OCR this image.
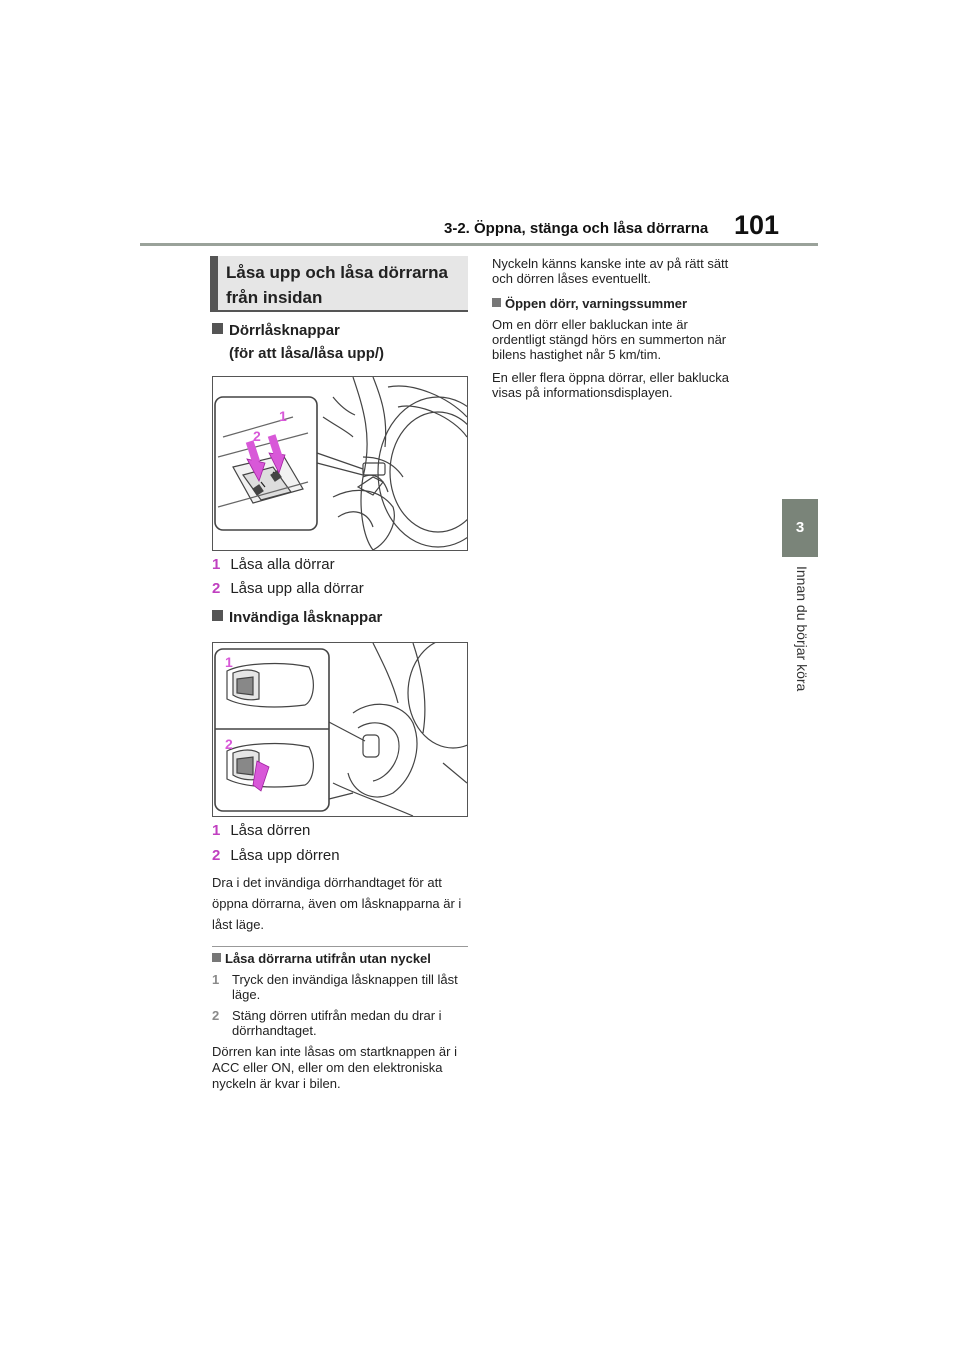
3-2. Öppna, stänga och låsa dörrarna 101
3
Innan du börjar köra
Låsa upp och låsa dörrarna från insidan
Dörrlåsknappar
(för att låsa/låsa upp/)
1
2
1 Låsa alla dörrar
2 Låsa upp alla dörrar
Invändiga låsknappar
1
2
1 Låsa dörren
2 Låsa upp dörren
Dra i det invändiga dörrhandtaget för att öppna dörrarna, även om låsknapparna är i låst läge.
Låsa dörrarna utifrån utan nyckel
1 Tryck den invändiga låsknappen till låst läge.
2 Stäng dörren utifrån medan du drar i dörrhandtaget.
Dörren kan inte låsas om startknappen är i ACC eller ON, eller om den elektroniska nyckeln är kvar i bilen.
Nyckeln känns kanske inte av på rätt sätt och dörren låses eventuellt.
Öppen dörr, varningssummer
Om en dörr eller bakluckan inte är ordentligt stängd hörs en summerton när bilens hastighet når 5 km/tim.
En eller flera öppna dörrar, eller baklucka visas på informationsdisplayen.
